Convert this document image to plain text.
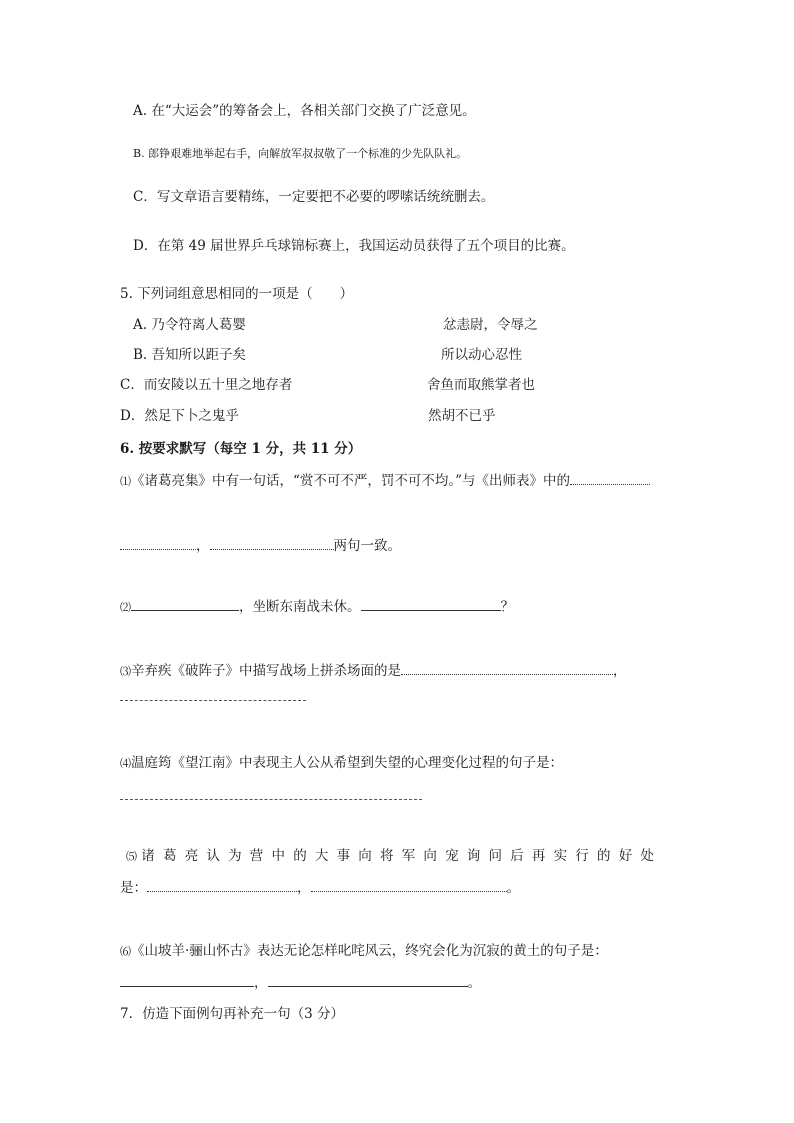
A. 在“大运会”的筹备会上，各相关部门交换了广泛意见。
B. 郎铮艰难地举起右手，向解放军叔叔敬了一个标准的少先队队礼。
C．写文章语言要精练，一定要把不必要的啰嗦话统统删去。
D．在第 49 届世界乒乓球锦标赛上，我国运动员获得了五个项目的比赛。
5. 下列词组意思相同的一项是（　　）
A. 乃令符离人葛婴	忿恚尉，令辱之
B. 吾知所以距子矣	所以动心忍性
C．而安陵以五十里之地存者	舍鱼而取熊掌者也
D．然足下卜之鬼乎	然胡不已乎
6. 按要求默写（每空 1 分，共 11 分）
⑴《诸葛亮集》中有一句话，“赏不可不严，罚不可不均。”与《出师表》中的
，	两句一致。
⑵	，坐断东南战未休。	？
⑶辛弃疾《破阵子》中描写战场上拼杀场面的是	，
⑷温庭筠《望江南》中表现主人公从希望到失望的心理变化过程的句子是：
⑸ 诸葛亮认为营中的大事向将军向宠询问后再实行的好处
是：	，	。
⑹《山坡羊·骊山怀古》表达无论怎样叱咤风云，终究会化为沉寂的黄土的句子是：
，	。
7．仿造下面例句再补充一句（3 分）
